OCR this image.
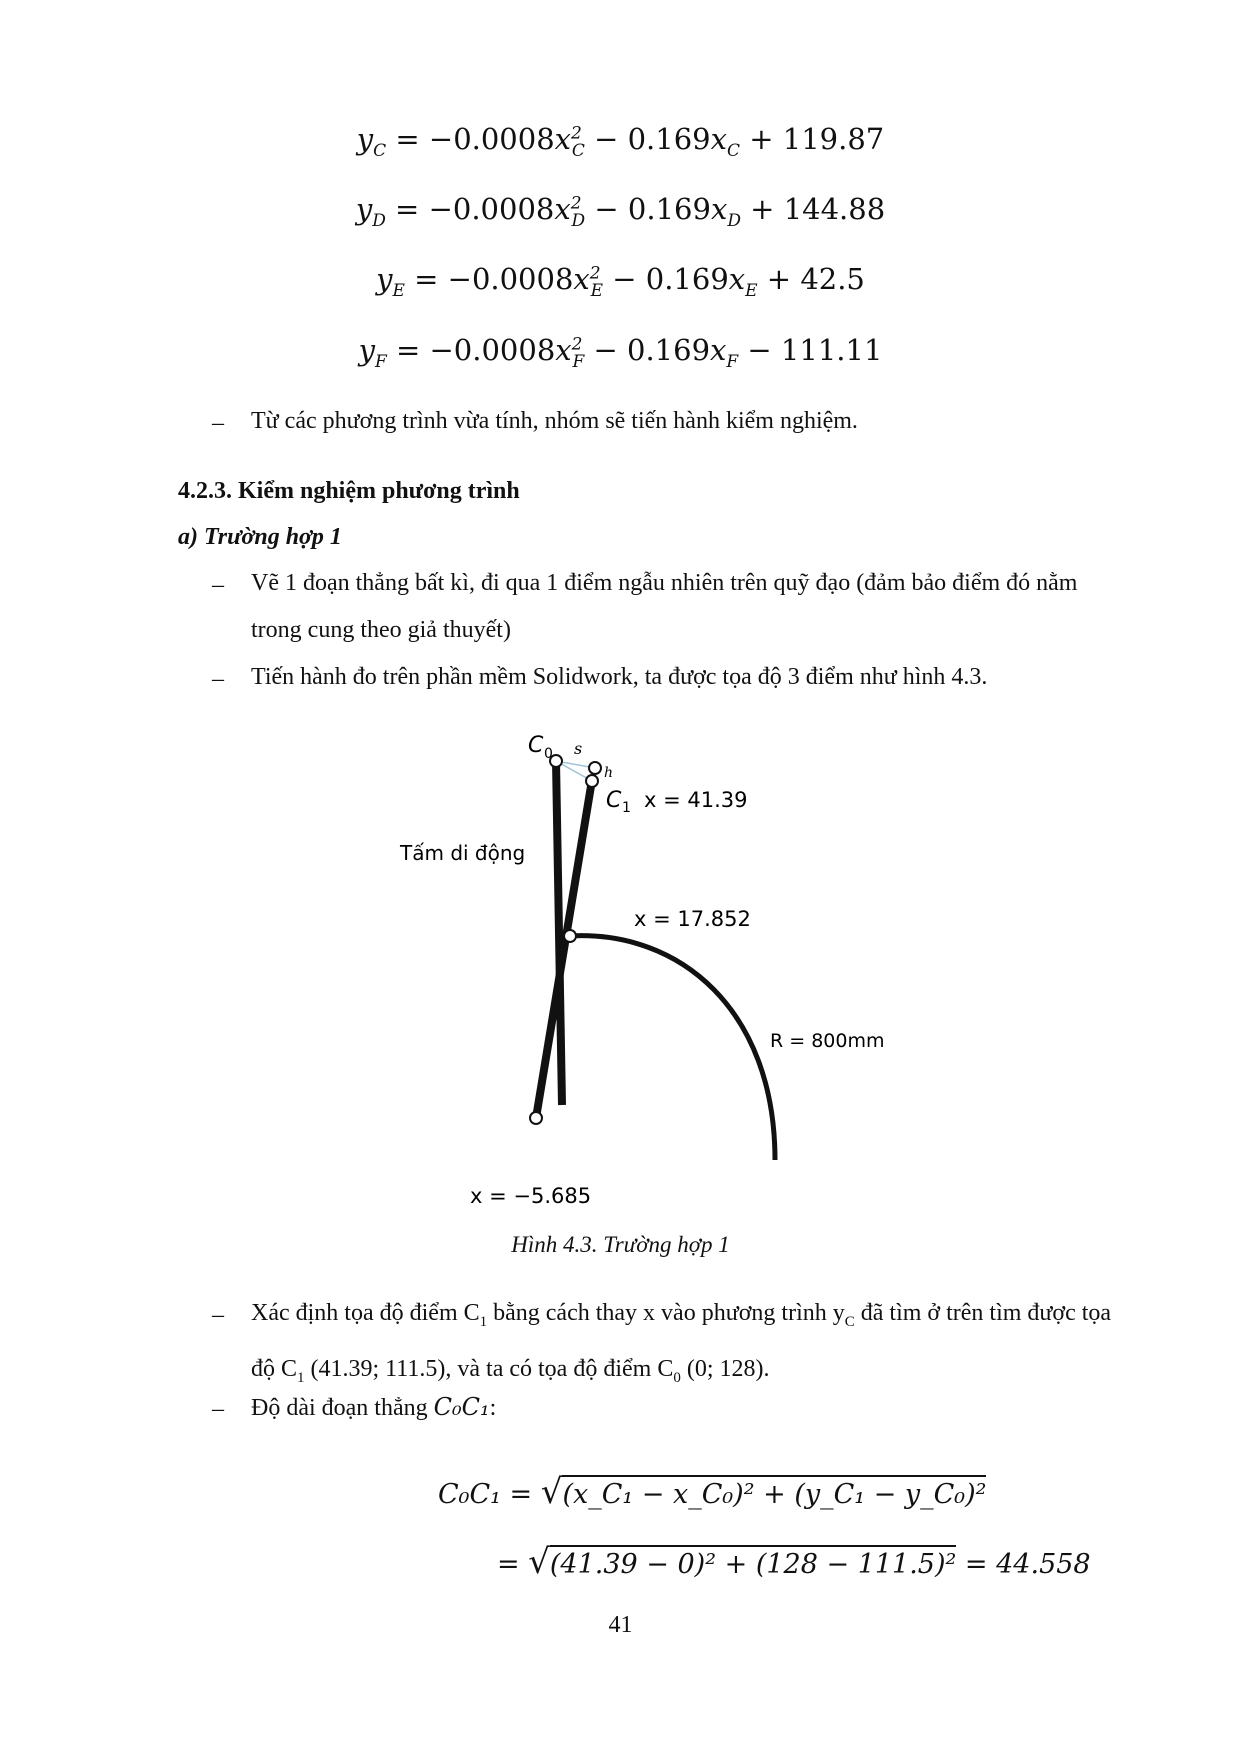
$y_C = -0.0008x^2_C - 0.169x_C + 119.87$
$y_D = -0.0008x^2_D - 0.169x_D + 144.88$
$y_E = -0.0008x^2_E - 0.169x_E + 42.5$
$y_F = -0.0008x^2_F - 0.169x_F - 111.11$
– Từ các phương trình vừa tính, nhóm sẽ tiến hành kiểm nghiệm.
4.2.3. Kiểm nghiệm phương trình
a) Trường hợp 1
– Vẽ 1 đoạn thẳng bất kì, đi qua 1 điểm ngẫu nhiên trên quỹ đạo (đảm bảo điểm đó nằm trong cung theo giả thuyết)
– Tiến hành đo trên phần mềm Solidwork, ta được tọa độ 3 điểm như hình 4.3.
C 0 s
h
C 1 x = 41.39
Tấm di động
x = 17.852
R = 800mm
x = −5.685
Hình 4.3. Trường hợp 1
– Xác định tọa độ điểm $C_1$ bằng cách thay x vào phương trình $y_C$ đã tìm ở trên tìm được tọa độ $C_1$ (41.39; 111.5), và ta có tọa độ điểm $C_0$ (0; 128).
– Độ dài đoạn thẳng C₀C₁:
C₀C₁ = √(x_C₁ − x_C₀)² + (y_C₁ − y_C₀)²
= √(41.39 − 0)² + (128 − 111.5)² = 44.558
41
